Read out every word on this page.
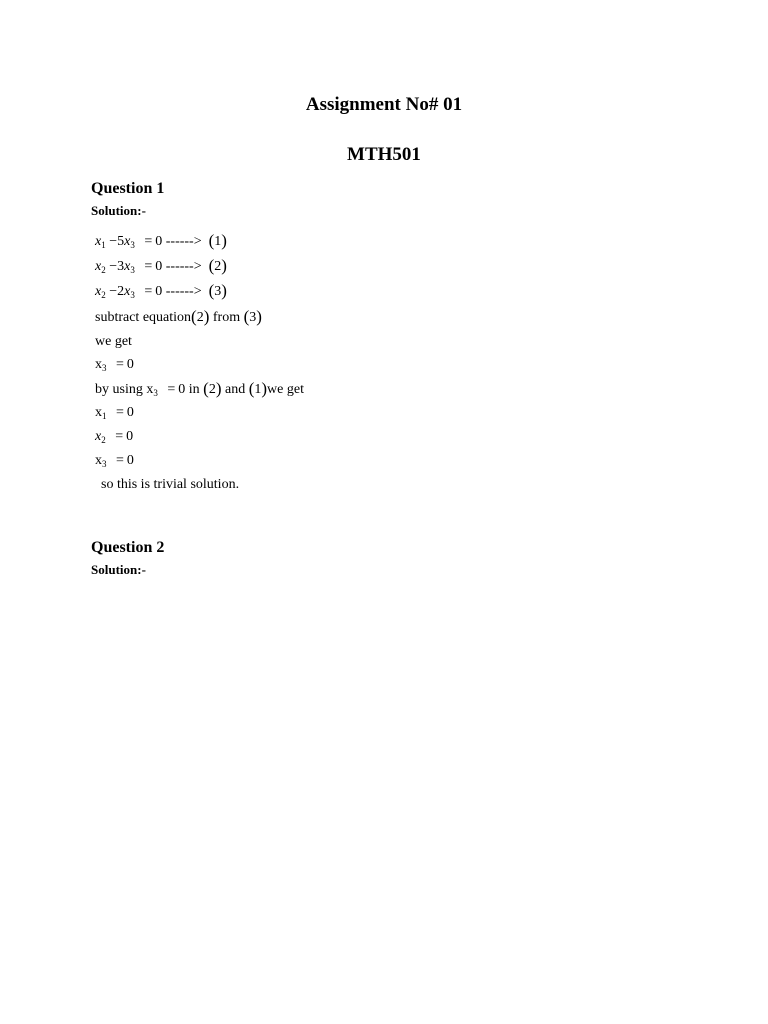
Assignment No# 01
MTH501
Question 1
Solution:-
$x_1 -5x_3 = 0$ ------> (1)
$x_2 -3x_3 = 0$ ------> (2)
$x_2 -2x_3 = 0$ ------> (3)
subtract equation(2) from (3)
we get
$x_3 = 0$
by using $x_3 = 0$ in (2) and (1)we get
$x_1 = 0$
$x_2 = 0$
$x_3 = 0$
so this is trivial solution.
Question 2
Solution:-
